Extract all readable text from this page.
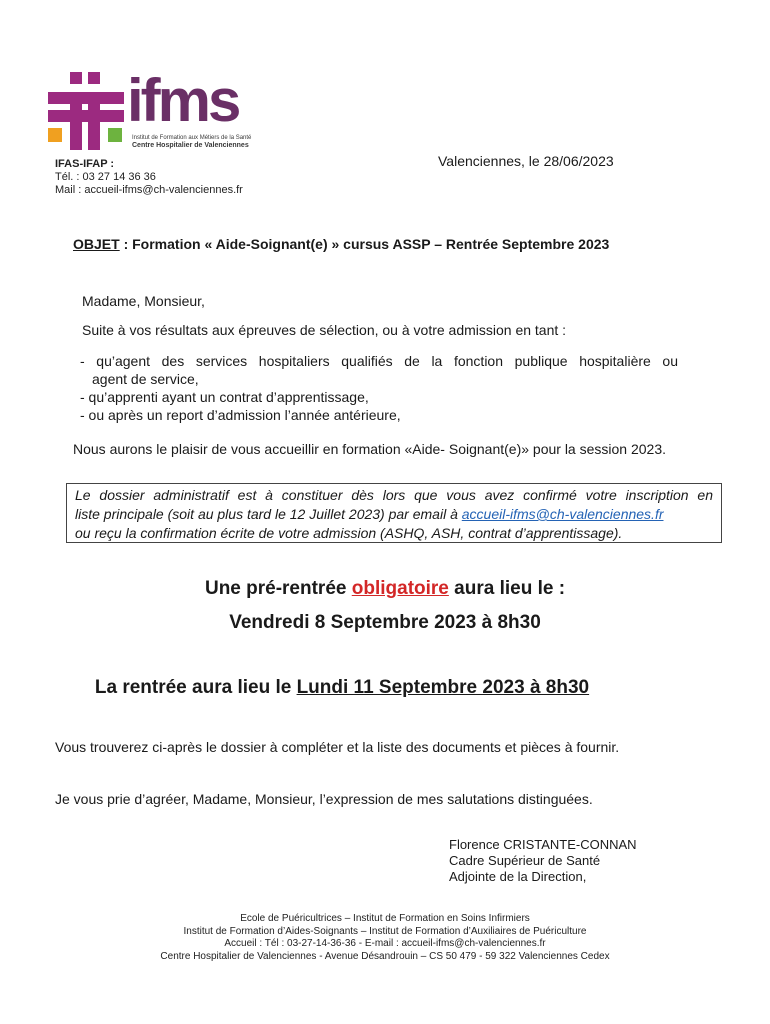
ifms
Institut de Formation aux Métiers de la Santé
Centre Hospitalier de Valenciennes
IFAS-IFAP :
Tél. : 03 27 14 36 36
Mail : accueil-ifms@ch-valenciennes.fr
Valenciennes, le 28/06/2023
OBJET : Formation « Aide-Soignant(e) » cursus ASSP – Rentrée Septembre 2023
Madame, Monsieur,
Suite à vos résultats aux épreuves de sélection, ou à votre admission en tant :
- qu’agent des services hospitaliers qualifiés de la fonction publique hospitalière ou
agent de service,
- qu’apprenti ayant un contrat d’apprentissage,
- ou après un report d’admission l’année antérieure,
Nous aurons le plaisir de vous accueillir en formation «Aide- Soignant(e)» pour la session 2023.
Le dossier administratif est à constituer dès lors que vous avez confirmé votre inscription en
liste principale (soit au plus tard le 12 Juillet 2023) par email à accueil-ifms@ch-valenciennes.fr
ou reçu la confirmation écrite de votre admission (ASHQ, ASH, contrat d’apprentissage).
Une pré-rentrée obligatoire aura lieu le :
Vendredi 8 Septembre 2023 à 8h30
La rentrée aura lieu le Lundi 11 Septembre 2023 à 8h30
Vous trouverez ci-après le dossier à compléter et la liste des documents et pièces à fournir.
Je vous prie d’agréer, Madame, Monsieur, l’expression de mes salutations distinguées.
Florence CRISTANTE-CONNAN
Cadre Supérieur de Santé
Adjointe de la Direction,
Ecole de Puéricultrices – Institut de Formation en Soins Infirmiers
Institut de Formation d’Aides-Soignants – Institut de Formation d’Auxiliaires de Puériculture
Accueil : Tél : 03-27-14-36-36 - E-mail : accueil-ifms@ch-valenciennes.fr
Centre Hospitalier de Valenciennes - Avenue Désandrouin – CS 50 479 - 59 322 Valenciennes Cedex
